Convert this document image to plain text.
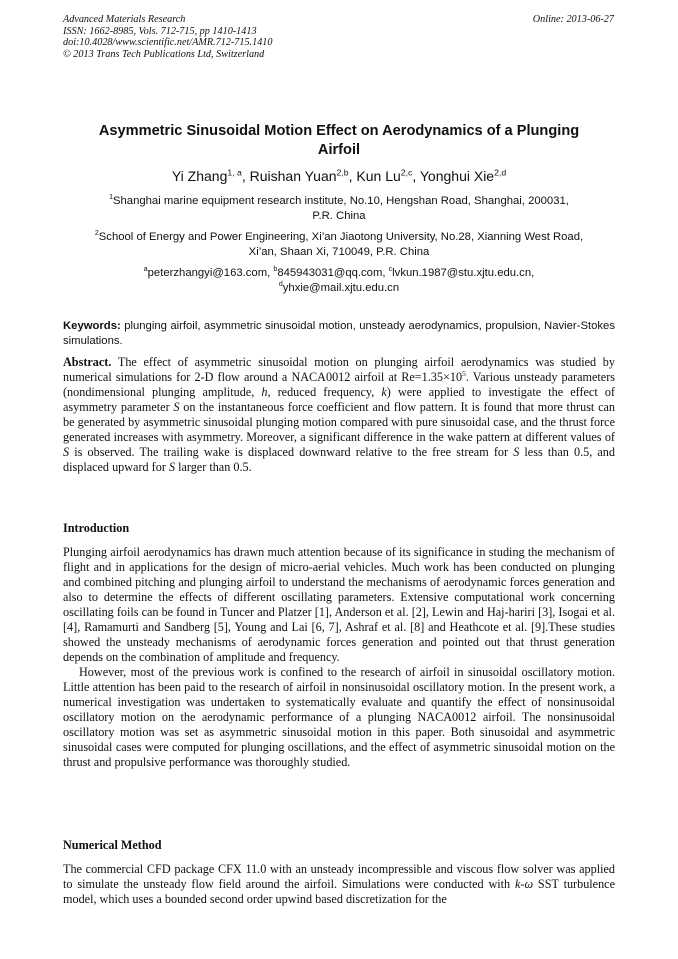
Advanced Materials Research
ISSN: 1662-8985, Vols. 712-715, pp 1410-1413
doi:10.4028/www.scientific.net/AMR.712-715.1410
© 2013 Trans Tech Publications Ltd, Switzerland
Online: 2013-06-27
Asymmetric Sinusoidal Motion Effect on Aerodynamics of a Plunging
Airfoil
Yi Zhang$^{1, a}$, Ruishan Yuan$^{2,b}$, Kun Lu$^{2,c}$, Yonghui Xie$^{2,d}$
$^1$Shanghai marine equipment research institute, No.10, Hengshan Road, Shanghai, 200031,
P.R. China
$^2$School of Energy and Power Engineering, Xi’an Jiaotong University, No.28, Xianning West Road,
Xi’an, Shaan Xi, 710049, P.R. China
$^a$peterzhangyi@163.com, $^b$845943031@qq.com, $^c$lvkun.1987@stu.xjtu.edu.cn,
$^d$yhxie@mail.xjtu.edu.cn
Keywords: plunging airfoil, asymmetric sinusoidal motion, unsteady aerodynamics, propulsion, Navier-Stokes simulations.

Abstract. The effect of asymmetric sinusoidal motion on plunging airfoil aerodynamics was studied by numerical simulations for 2-D flow around a NACA0012 airfoil at $Re=1.35\times 10^5$. Various unsteady parameters (nondimensional plunging amplitude, h, reduced frequency, k) were applied to investigate the effect of asymmetry parameter S on the instantaneous force coefficient and flow pattern. It is found that more thrust can be generated by asymmetric sinusoidal plunging motion compared with pure sinusoidal case, and the thrust force generated increases with asymmetry. Moreover, a significant difference in the wake pattern at different values of S is observed. The trailing wake is displaced downward relative to the free stream for S less than 0.5, and displaced upward for S larger than 0.5.

Introduction

Plunging airfoil aerodynamics has drawn much attention because of its significance in studing the mechanism of flight and in applications for the design of micro-aerial vehicles. Much work has been conducted on plunging and combined pitching and plunging airfoil to understand the mechanisms of aerodynamic forces generation and also to determine the effects of different oscillating parameters. Extensive computational work concerning oscillating foils can be found in Tuncer and Platzer [1], Anderson et al. [2], Lewin and Haj-hariri [3], Isogai et al. [4], Ramamurti and Sandberg [5], Young and Lai [6, 7], Ashraf et al. [8] and Heathcote et al. [9].These studies showed the unsteady mechanisms of aerodynamic forces generation and pointed out that thrust generation depends on the combination of amplitude and frequency.

However, most of the previous work is confined to the research of airfoil in sinusoidal oscillatory motion. Little attention has been paid to the research of airfoil in nonsinusoidal oscillatory motion. In the present work, a numerical investigation was undertaken to systematically evaluate and quantify the effect of nonsinusoidal oscillatory motion on the aerodynamic performance of a plunging NACA0012 airfoil. The nonsinusoidal oscillatory motion was set as asymmetric sinusoidal motion in this paper. Both sinusoidal and asymmetric sinusoidal cases were computed for plunging oscillations, and the effect of asymmetric sinusoidal motion on the thrust and propulsive performance was thoroughly studied.

Numerical Method

The commercial CFD package CFX 11.0 with an unsteady incompressible and viscous flow solver was applied to simulate the unsteady flow field around the airfoil. Simulations were conducted with k-ω SST turbulence model, which uses a bounded second order upwind based discretization for the
